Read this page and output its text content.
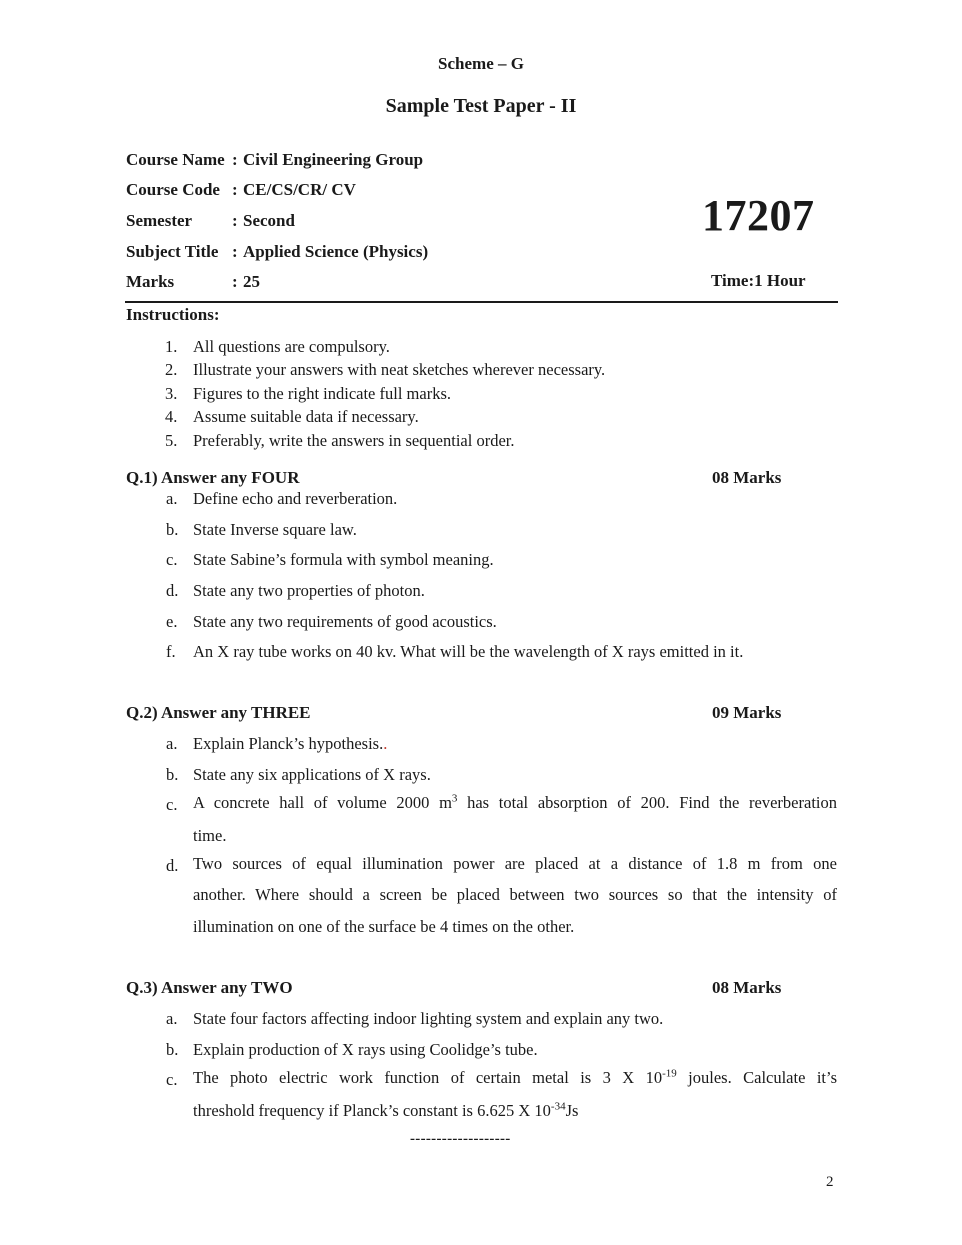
Scheme – G
Sample Test Paper - II
Course Name : Civil Engineering Group
Course Code : CE/CS/CR/ CV
Semester : Second
Subject Title : Applied Science (Physics)
Marks	: 25
17207
Time:1 Hour
Instructions:
1. All questions are compulsory.
2. Illustrate your answers with neat sketches wherever necessary.
3. Figures to the right indicate full marks.
4. Assume suitable data if necessary.
5. Preferably, write the answers in sequential order.
Q.1) Answer any FOUR	08 Marks
a. Define echo and reverberation.
b. State Inverse square law.
c. State Sabine’s formula with symbol meaning.
d. State any two properties of photon.
e. State any two requirements of good acoustics.
f. An X ray tube works on 40 kv. What will be the wavelength of X rays emitted in it.
Q.2) Answer any THREE	09 Marks
a. Explain Planck’s hypothesis..
b. State any six applications of X rays.
c. A concrete hall of volume 2000 $m^3$ has total absorption of 200. Find the reverberation
time.
d. Two sources of equal illumination power are placed at a distance of 1.8 m from one
another. Where should a screen be placed between two sources so that the intensity of
illumination on one of the surface be 4 times on the other.
Q.3) Answer any TWO	08 Marks
a. State four factors affecting indoor lighting system and explain any two.
b. Explain production of X rays using Coolidge’s tube.
c. The photo electric work function of certain metal is 3 X $10^{-19}$ joules. Calculate it’s
threshold frequency if Planck’s constant is 6.625 X $10^{-34}Js$
-------------------
2
